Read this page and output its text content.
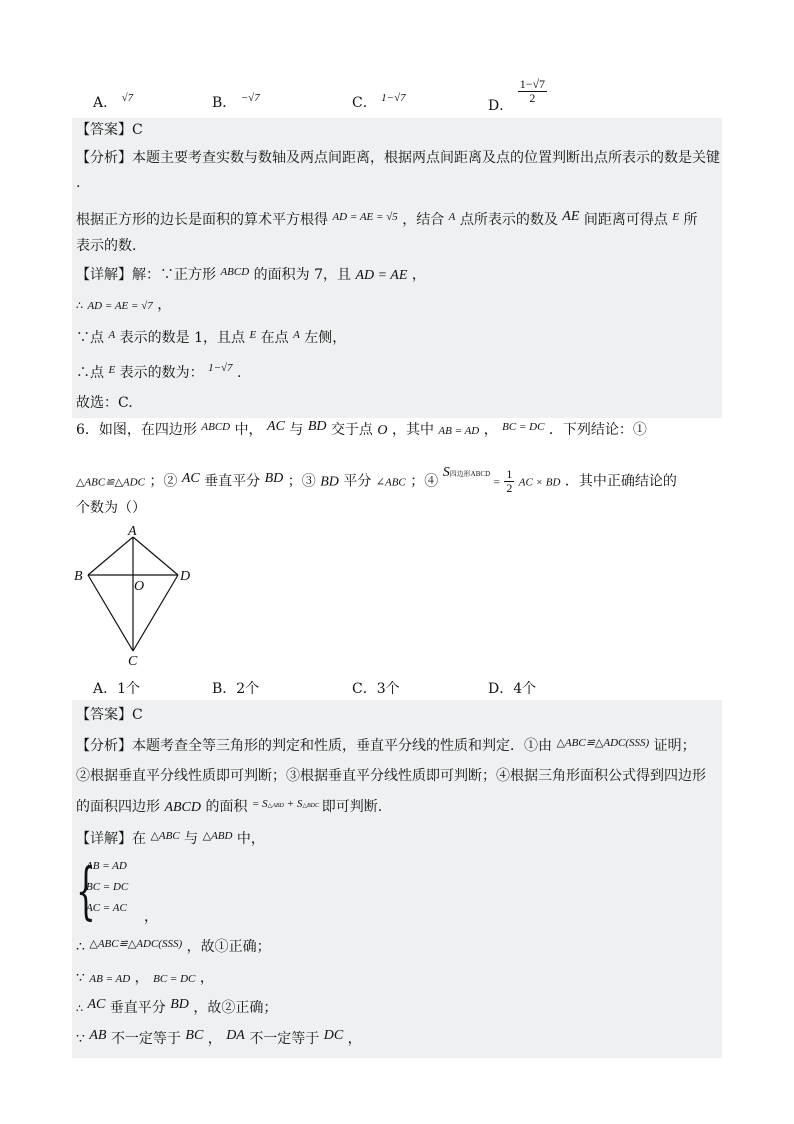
A． $^{√7}$	B． $^{-√7}$	C． $^{1-√7}$	D．
$\frac{1-√7}{2}$
【答案】C
【分析】本题主要考查实数与数轴及两点间距离，根据两点间距离及点的位置判断出点所表示的数是关键
.
根据正方形的边长是面积的算术平方根得 $^{AD = AE = √5}$ ，结合 $^A$ 点所表示的数及 AE 间距离可得点 $^E$ 所
表示的数.
【详解】解：∵正方形 $^{ABCD}$ 的面积为 7，且 AD = AE ，
∴ AD = AE = √7 ，
∵点 $^A$ 表示的数是 1，且点 $^E$ 在点 $^A$ 左侧，
∴点 $^E$ 表示的数为： $^{1-√7}$ .
故选：C.
6．如图，在四边形 $^{ABCD}$ 中， AC 与 BD 交于点 O ，其中 AB = AD ， $^{BC = DC}$ ．下列结论：①
△ABC≌△ADC ；② AC 垂直平分 BD ；③ BD 平分 ∠ABC ；④ S四边形ABCD = $\frac{1}{2}$ AC × BD ．其中正确结论的
个数为（）
A
B	D
O
C
A．1个	B．2个	C．3个	D．4个
【答案】C
【分析】本题考查全等三角形的判定和性质，垂直平分线的性质和判定．①由 $^{\triangle ABC≌\triangle ADC(SSS)}$ 证明；
②根据垂直平分线性质即可判断；③根据垂直平分线性质即可判断；④根据三角形面积公式得到四边形
的面积四边形 ABCD 的面积 $^{= S\triangle ABD + S\triangle BDC}$ 即可判断.
【详解】在 $^{\triangle ABC}$ 与 $^{\triangle ABD}$ 中，
{
AB = AD
BC = DC
AC = AC
，
∴ $^{\triangle ABC≌\triangle ADC(SSS)}$ ，故①正确；
∵ AB = AD ， BC = DC ，
∴ AC 垂直平分 BD ，故②正确；
∵ AB 不一定等于 BC ， DA 不一定等于 DC ，
